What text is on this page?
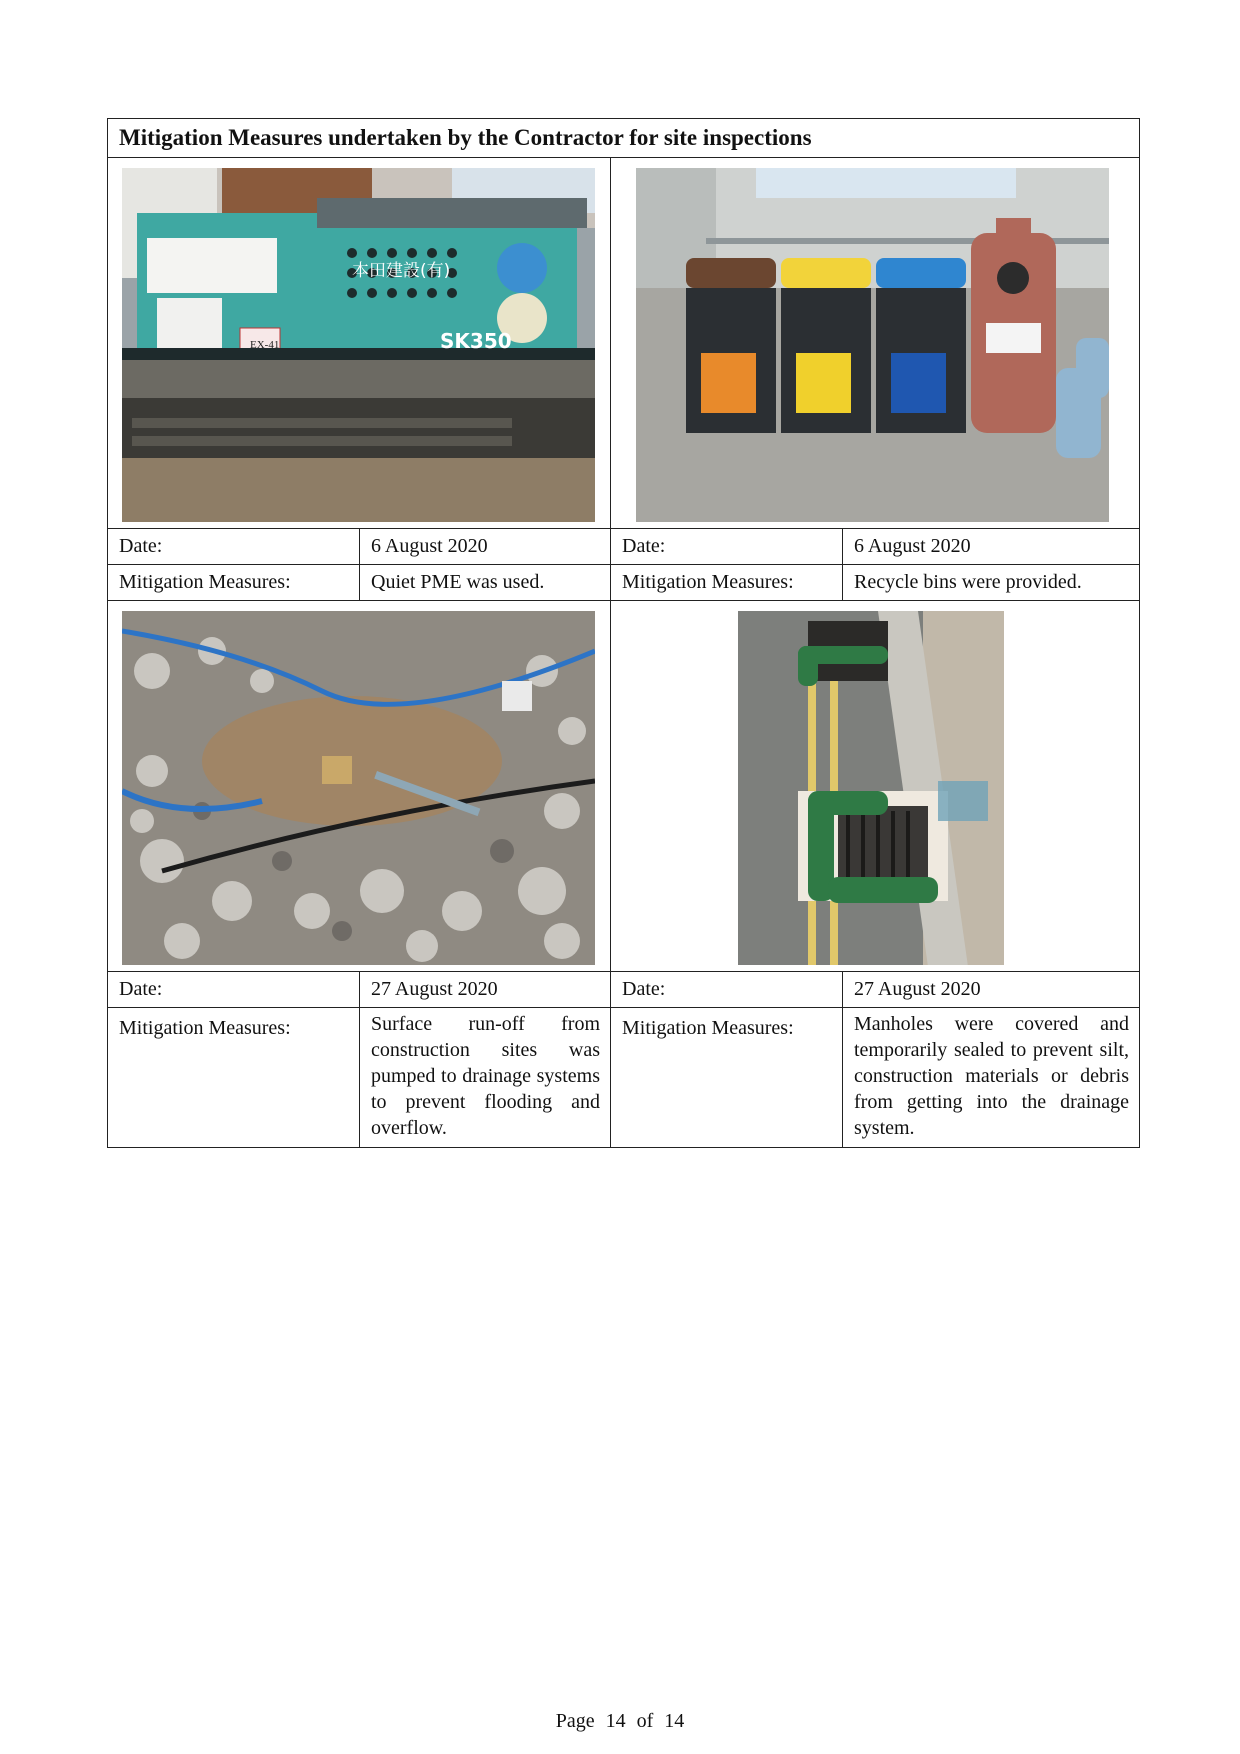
Mitigation Measures undertaken by the Contractor for site inspections			

本田建設(有)
EX-41 SK350

Date:	6 August 2020	Date:	6 August 2020
Mitigation Measures:	Quiet PME was used.	Mitigation Measures:	Recycle bins were provided.

Date:	27 August 2020	Date:	27 August 2020
Mitigation Measures:	Surface run-off from construction sites was pumped to drainage systems to prevent flooding and overflow.	Mitigation Measures:	Manholes were covered and temporarily sealed to prevent silt, construction materials or debris from getting into the drainage system.
Page 14 of 14
